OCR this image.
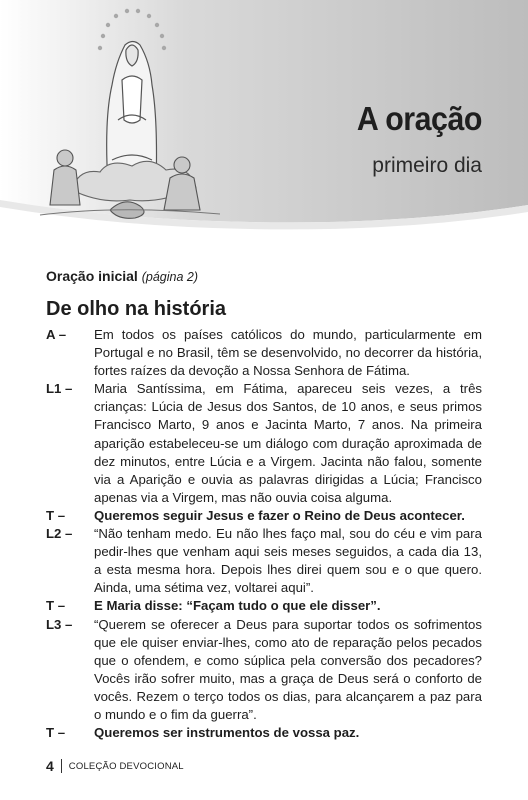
A oração
primeiro dia
Oração inicial (página 2)
De olho na história
A –	Em todos os países católicos do mundo, particularmente em Portugal e no Brasil, têm se desenvolvido, no decorrer da história, fortes raízes da devoção a Nossa Senhora de Fátima.
L1 –	Maria Santíssima, em Fátima, apareceu seis vezes, a três crianças: Lúcia de Jesus dos Santos, de 10 anos, e seus primos Francisco Marto, 9 anos e Jacinta Marto, 7 anos. Na primeira aparição estabeleceu-se um diálogo com duração aproximada de dez minutos, entre Lúcia e a Virgem. Jacinta não falou, somente via a Aparição e ouvia as palavras dirigidas a Lúcia; Francisco apenas via a Virgem, mas não ouvia coisa alguma.
T –	Queremos seguir Jesus e fazer o Reino de Deus acontecer.
L2 –	“Não tenham medo. Eu não lhes faço mal, sou do céu e vim para pedir-lhes que venham aqui seis meses seguidos, a cada dia 13, a esta mesma hora. Depois lhes direi quem sou e o que quero. Ainda, uma sétima vez, voltarei aqui”.
T –	E Maria disse: “Façam tudo o que ele disser”.
L3 –	“Querem se oferecer a Deus para suportar todos os sofrimentos que ele quiser enviar-lhes, como ato de reparação pelos pecados que o ofendem, e como súplica pela conversão dos pecadores? Vocês irão sofrer muito, mas a graça de Deus será o conforto de vocês. Rezem o terço todos os dias, para alcançarem a paz para o mundo e o fim da guerra”.
T –	Queremos ser instrumentos de vossa paz.
4 COLEÇÃO DEVOCIONAL
